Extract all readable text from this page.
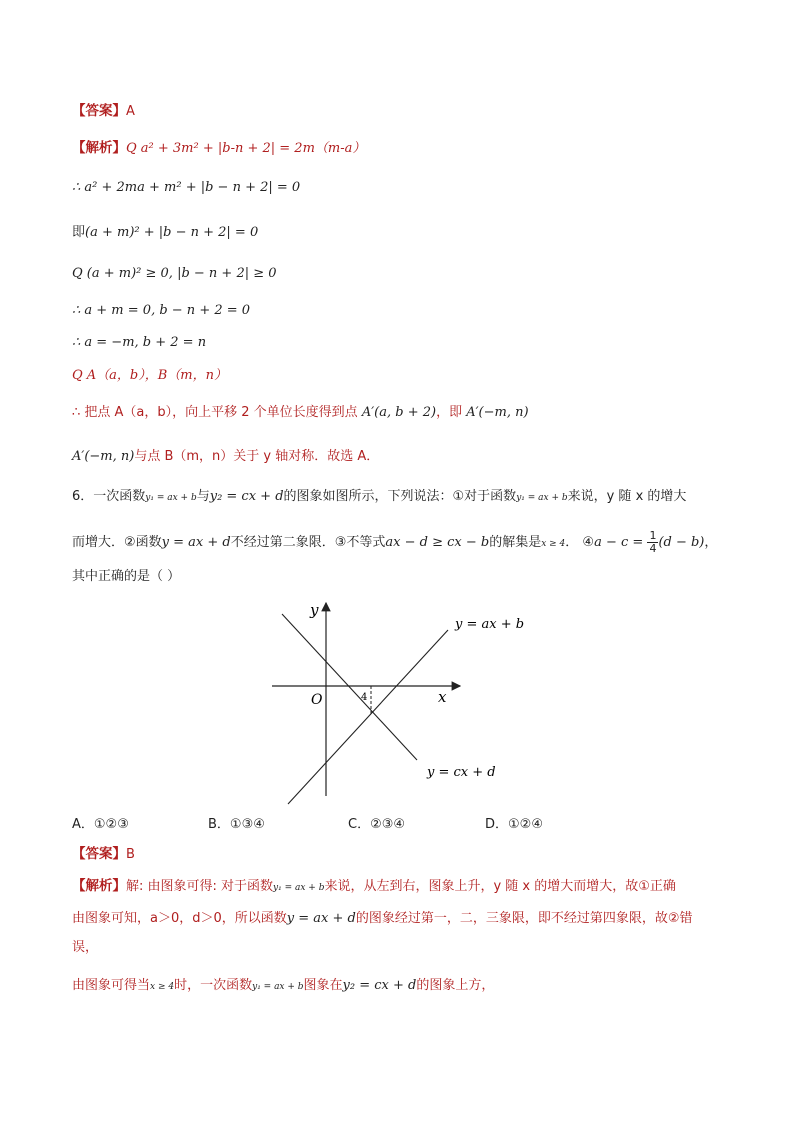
【答案】A
【解析】Q a² + 3m² + |b-n + 2| = 2m（m-a）
∴ a² + 2ma + m² + |b − n + 2| = 0
即(a + m)² + |b − n + 2| = 0
Q (a + m)² ≥ 0, |b − n + 2| ≥ 0
∴ a + m = 0, b − n + 2 = 0
∴ a = −m, b + 2 = n
Q A（a，b），B（m，n）
∴ 把点 A（a，b），向上平移 2 个单位长度得到点 A′(a, b + 2)，即 A′(−m, n)
A′(−m, n)与点 B（m，n）关于 y 轴对称．故选 A．
6．一次函数y₁ = ax + b与y₂ = cx + d的图象如图所示，下列说法：①对于函数y₁ = ax + b来说，y 随 x 的增大
而增大．②函数y = ax + d不经过第二象限．③不等式ax − d ≥ cx − b的解集是x ≥ 4． ④a − $c = \frac{1}{4} (d - b)$，
其中正确的是（ ）
y
x
O	4
y = ax + b
y = cx + d
A．①②③	B．①③④	C．②③④	D．①②④
【答案】B
【解析】解: 由图象可得: 对于函数y₁ = ax + b来说，从左到右，图象上升，y 随 x 的增大而增大，故①正确
由图象可知，a＞0，d＞0，所以函数y = ax + d的图象经过第一，二，三象限，即不经过第四象限，故②错
误，
由图象可得当x ≥ 4时，一次函数y₁ = ax + b图象在y₂ = cx + d的图象上方，
